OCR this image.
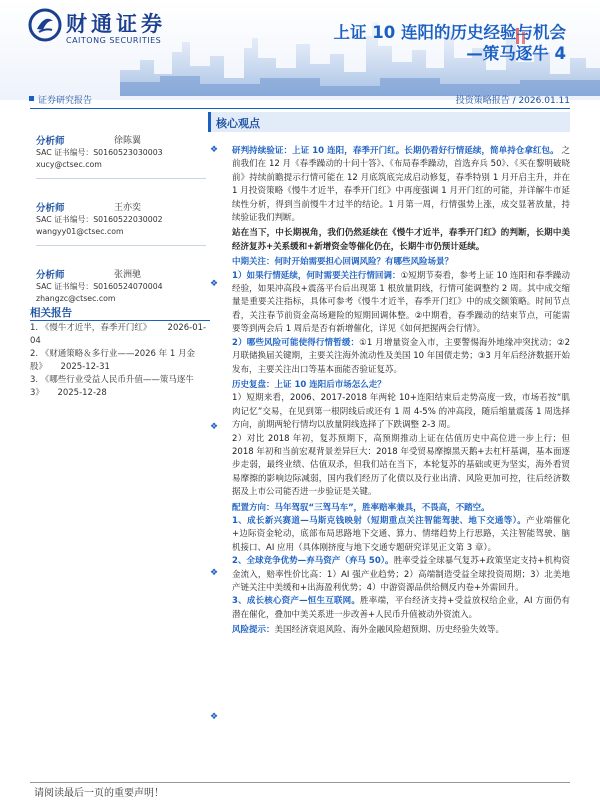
财通证券
CAITONG SECURITIES	上证 10 连阳的历史经验与机会
—策马逐牛 4
证券研究报告	投资策略报告 / 2026.01.11
分析师	徐陈翼
SAC 证书编号：S0160523030003
xucy@ctsec.com
分析师	王亦奕
SAC 证书编号：S0160522030002
wangyy01@ctsec.com
分析师	张洲驰
SAC 证书编号：S0160524070004
zhangzc@ctsec.com
相关报告
1. 《慢牛才近半，春季开门红》 2026-01-04
2. 《财通策略＆多行业——2026 年 1 月金股》 2025-12-31
3. 《哪些行业受益人民币升值——策马逐牛 3》 2025-12-28
核心观点
❖
❖
❖
❖
❖
研判持续验证：上证 10 连阳，春季开门红。长期仍看好行情延续，简单持仓拿红包。 之前我们在 12 月《春季躁动的十问十答》、《布局春季躁动，首选弃兵 50》、《买在黎明破晓前》持续前瞻提示行情可能在 12 月底筑底完成启动修复，春季特别 1 月开启主升，并在 1 月投资策略《慢牛才近半，春季开门红》中再度强调 1 月开门红的可能，并详解牛市延续性分析，得到当前慢牛才过半的结论。1 月第一周，行情强势上涨，成交显著放量，持续验证我们判断。
站在当下，中长期视角，我们仍然延续在《慢牛才近半，春季开门红》的判断，长期中美经济复苏+关系缓和+新增资金等催化仍在，长期牛市仍预计延续。
中期关注：何时开始需要担心回调风险？有哪些风险场景？
1）如果行情延续，何时需要关注行情回调：①短期节奏看，参考上证 10 连阳和春季躁动经验，如果冲高段+震荡平台后出现第 1 根放量阴线，行情可能调整约 2 周。其中成交缩量是重要关注指标，具体可参考《慢牛才近半，春季开门红》中的成交额策略。时间节点看，关注春节前资金高场避险的短期回调体整。②中期看，春季躁动的结束节点，可能需要等到两会后 1 周后是否有新增催化，详见《如何把握两会行情》。
2）哪些风险可能使得行情暂缓：①1 月增量资金入市，主要警惕海外地缘冲突扰动；②2 月联储换届关键期，主要关注海外流动性及美国 10 年国债走势；③3 月年后经济数据开始发布，主要关注出口等基本面能否验证复苏。
历史复盘：上证 10 连阳后市场怎么走？
1）短期来看，2006、2017-2018 年两轮 10+连阳结束后走势高度一致，市场若按“肌肉记忆”交易，在见到第一根阴线后或还有 1 周 4-5% 的冲高段，随后缩量震荡 1 周选择方向，前期两轮行情均以放量阴线选择了下跌调整 2-3 周。
2）对比 2018 年初，复苏预期下，高预期推动上证在估值历史中高位进一步上行；但 2018 年初和当前宏观背景差异巨大：2018 年受贸易摩擦黑天鹅+去杠杆基调，基本面逐步走弱，最终业绩、估值双杀，但我们站在当下，本轮复苏的基础或更为坚实，海外看贸易摩擦的影响边际减弱，国内我们经历了化债以及行业出清、风险更加可控，往后经济数据及上市公司能否进一步验证是关键。
配置方向：马年驾驭“三驾马车”，胜率赔率兼具，不畏高，不踏空。
1、成长新兴赛道—马斯克钱映射（短期重点关注智能驾驶、地下交通等）。产业端催化+边际资金轮动，底部布局思路地下交通、算力、情绪趋势上行思路，关注智能驾驶、脑机接口、AI 应用（具体刚挤度与地下交通专题研究详见正文第 3 章）。
2、全球竞争优势—弃马资产（弃马 50）。胜率受益全球暴气复苏+政策坚定支持+机构资金流入，赔率性价比高：1）AI 强产业趋势；2）高端制造受益全球投资周期；3）北美地产链关注中美缓和+出海盈利优势；4）中游资源品供给侧反内卷+外需回升。
3、成长核心资产—恒生互联网。胜率端，平台经济支持+受益放权给企业，AI 方面仍有潜在催化，叠加中美关系进一步改善+人民币升值被动外资流入。
风险提示：美国经济衰退风险、海外金融风险超预期、历史经验失效等。
请阅读最后一页的重要声明！
